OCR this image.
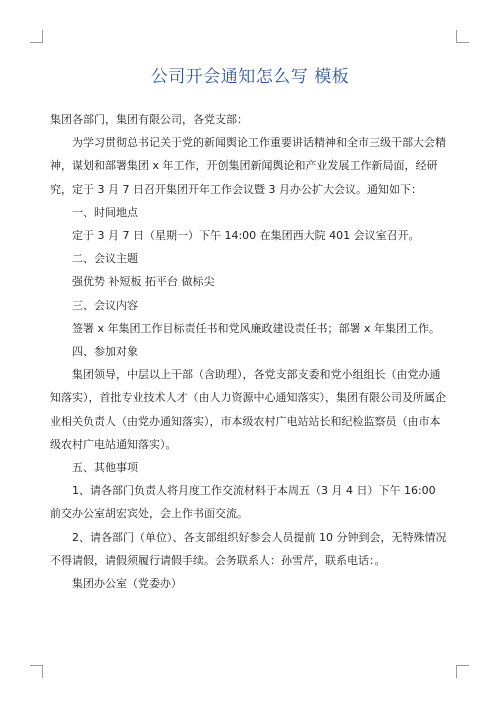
公司开会通知怎么写 模板

集团各部门，集团有限公司，各党支部：

为学习贯彻总书记关于党的新闻舆论工作重要讲话精神和全市三级干部大会精神，谋划和部署集团 x 年工作，开创集团新闻舆论和产业发展工作新局面，经研究，定于 3 月 7 日召开集团开年工作会议暨 3 月办公扩大会议。通知如下：

一、时间地点

定于 3 月 7 日（星期一）下午 14:00 在集团西大院 401 会议室召开。

二、会议主题

强优势 补短板 拓平台 做标尖

三、会议内容

签署 x 年集团工作目标责任书和党风廉政建设责任书；部署 x 年集团工作。

四、参加对象

集团领导，中层以上干部（含助理），各党支部支委和党小组组长（由党办通知落实），首批专业技术人才（由人力资源中心通知落实），集团有限公司及所属企业相关负责人（由党办通知落实），市本级农村广电站站长和纪检监察员（由市本级农村广电站通知落实）。

五、其他事项

1、请各部门负责人将月度工作交流材料于本周五（3 月 4 日）下午 16:00 前交办公室胡宏宾处，会上作书面交流。

2、请各部门（单位）、各支部组织好参会人员提前 10 分钟到会，无特殊情况不得请假，请假须履行请假手续。会务联系人：孙雪芹，联系电话：。

集团办公室（党委办）
